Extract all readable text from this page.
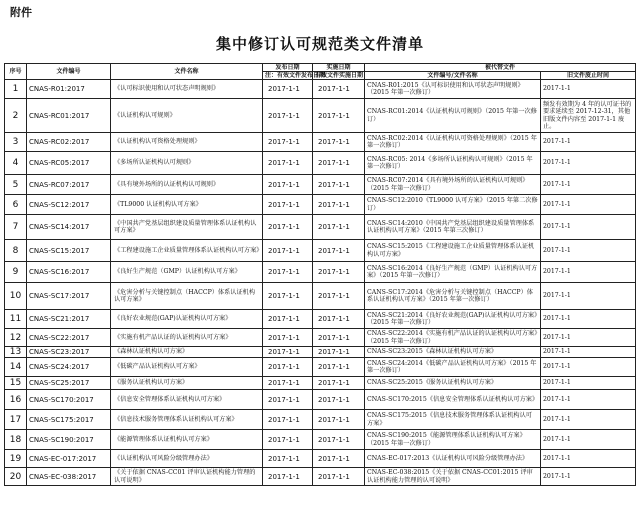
附件
集中修订认可规范类文件清单
序号	文件编号	文件名称	发布日期	实施日期	被代替文件	
			注：有效文件发布日期	有效文件实施日期	文件编号/文件名称	旧文件废止时间
1	CNAS-R01:2017	《认可标识使用和认可状态声明规则》	2017-1-1	2017-1-1	CNAS-R01:2015《认可标识使用和认可状态声明规则》（2015 年第一次修订）	2017-1-1
2	CNAS-RC01:2017	《认证机构认可规则》	2017-1-1	2017-1-1	CNAS-RC01:2014《认证机构认可规则》（2015 年第一次修订）	频发有效期为 4 年的认可证书的要求延续至 2017-12-31，其他旧版文件内容至 2017-1-1 废止。
3	CNAS-RC02:2017	《认证机构认可资格处理规则》	2017-1-1	2017-1-1	CNAS-RC02:2014《认证机构认可资格处理规则》（2015 年第一次修订）	2017-1-1
4	CNAS-RC05:2017	《多场所认证机构认可规则》	2017-1-1	2017-1-1	CNAS-RC05: 2014《多场所认证机构认可规则》（2015 年第一次修订）	2017-1-1
5	CNAS-RC07:2017	《具有境外场所的认证机构认可规则》	2017-1-1	2017-1-1	CNAS-RC07:2014《具有境外场所的认证机构认可规则》（2015 年第一次修订）	2017-1-1
6	CNAS-SC12:2017	《TL9000 认证机构认可方案》	2017-1-1	2017-1-1	CNAS-SC12:2010《TL9000 认可方案》（2015 年第二次修订）	2017-1-1
7	CNAS-SC14:2017	《中国共产党基层组织建设质量管理体系认证机构认可方案》	2017-1-1	2017-1-1	CNAS-SC14:2010《中国共产党基层组织建设质量管理体系认证机构认可方案》（2015 年第三次修订）	2017-1-1
8	CNAS-SC15:2017	《工程建设施工企业质量管理体系认证机构认可方案》	2017-1-1	2017-1-1	CNAS-SC15:2015《工程建设施工企业质量管理体系认证机构认可方案》	2017-1-1
9	CNAS-SC16:2017	《良好生产规范（GMP）认证机构认可方案》	2017-1-1	2017-1-1	CNAS-SC16:2014《良好生产规范（GMP）认证机构认可方案》（2015 年第一次修订）	2017-1-1
10	CNAS-SC17:2017	《危害分析与关键控制点（HACCP）体系认证机构认可方案》	2017-1-1	2017-1-1	CANS-SC17:2014《危害分析与关键控制点（HACCP）体系认证机构认可方案》（2015 年第一次修订）	2017-1-1
11	CNAS-SC21:2017	《良好农业规范(GAP)认证机构认可方案》	2017-1-1	2017-1-1	CNAS-SC21:2014《良好农业规范(GAP)认证机构认可方案》（2015 年第一次修订）	2017-1-1
12	CNAS-SC22:2017	《实施有机产品认证的认证机构认可方案》	2017-1-1	2017-1-1	CNAS-SC22:2014《实施有机产品认证的认证机构认可方案》（2015 年第一次修订）	2017-1-1
13	CNAS-SC23:2017	《森林认证机构认可方案》	2017-1-1	2017-1-1	CNAS-SC23:2015《森林认证机构认可方案》	2017-1-1
14	CNAS-SC24:2017	《低碳产品认证机构认可方案》	2017-1-1	2017-1-1	CNAS-SC24:2014《低碳产品认证机构认可方案》（2015 年第一次修订）	2017-1-1
15	CNAS-SC25:2017	《服务认证机构认可方案》	2017-1-1	2017-1-1	CNAS-SC25:2015《服务认证机构认可方案》	2017-1-1
16	CNAS-SC170:2017	《信息安全管理体系认证机构认可方案》	2017-1-1	2017-1-1	CNAS-SC170:2015《信息安全管理体系认证机构认可方案》	2017-1-1
17	CNAS-SC175:2017	《信息技术服务管理体系认证机构认可方案》	2017-1-1	2017-1-1	CNAS-SC175:2015《信息技术服务管理体系认证机构认可方案》	2017-1-1
18	CNAS-SC190:2017	《能源管理体系认证机构认可方案》	2017-1-1	2017-1-1	CNAS-SC190:2015《能源管理体系认证机构认可方案》（2015 年第一次修订）	2017-1-1
19	CNAS-EC-017:2017	《认证机构认可风险分级管理办法》	2017-1-1	2017-1-1	CNAS-EC-017:2013《认证机构认可风险分级管理办法》	2017-1-1
20	CNAS-EC-038:2017	《关于依据 CNAS-CC01 评审认证机构能力管理的认可说明》	2017-1-1	2017-1-1	CNAS-EC-038:2015《关于依据 CNAS-CC01:2015 评审认证机构能力管理的认可说明》	2017-1-1
